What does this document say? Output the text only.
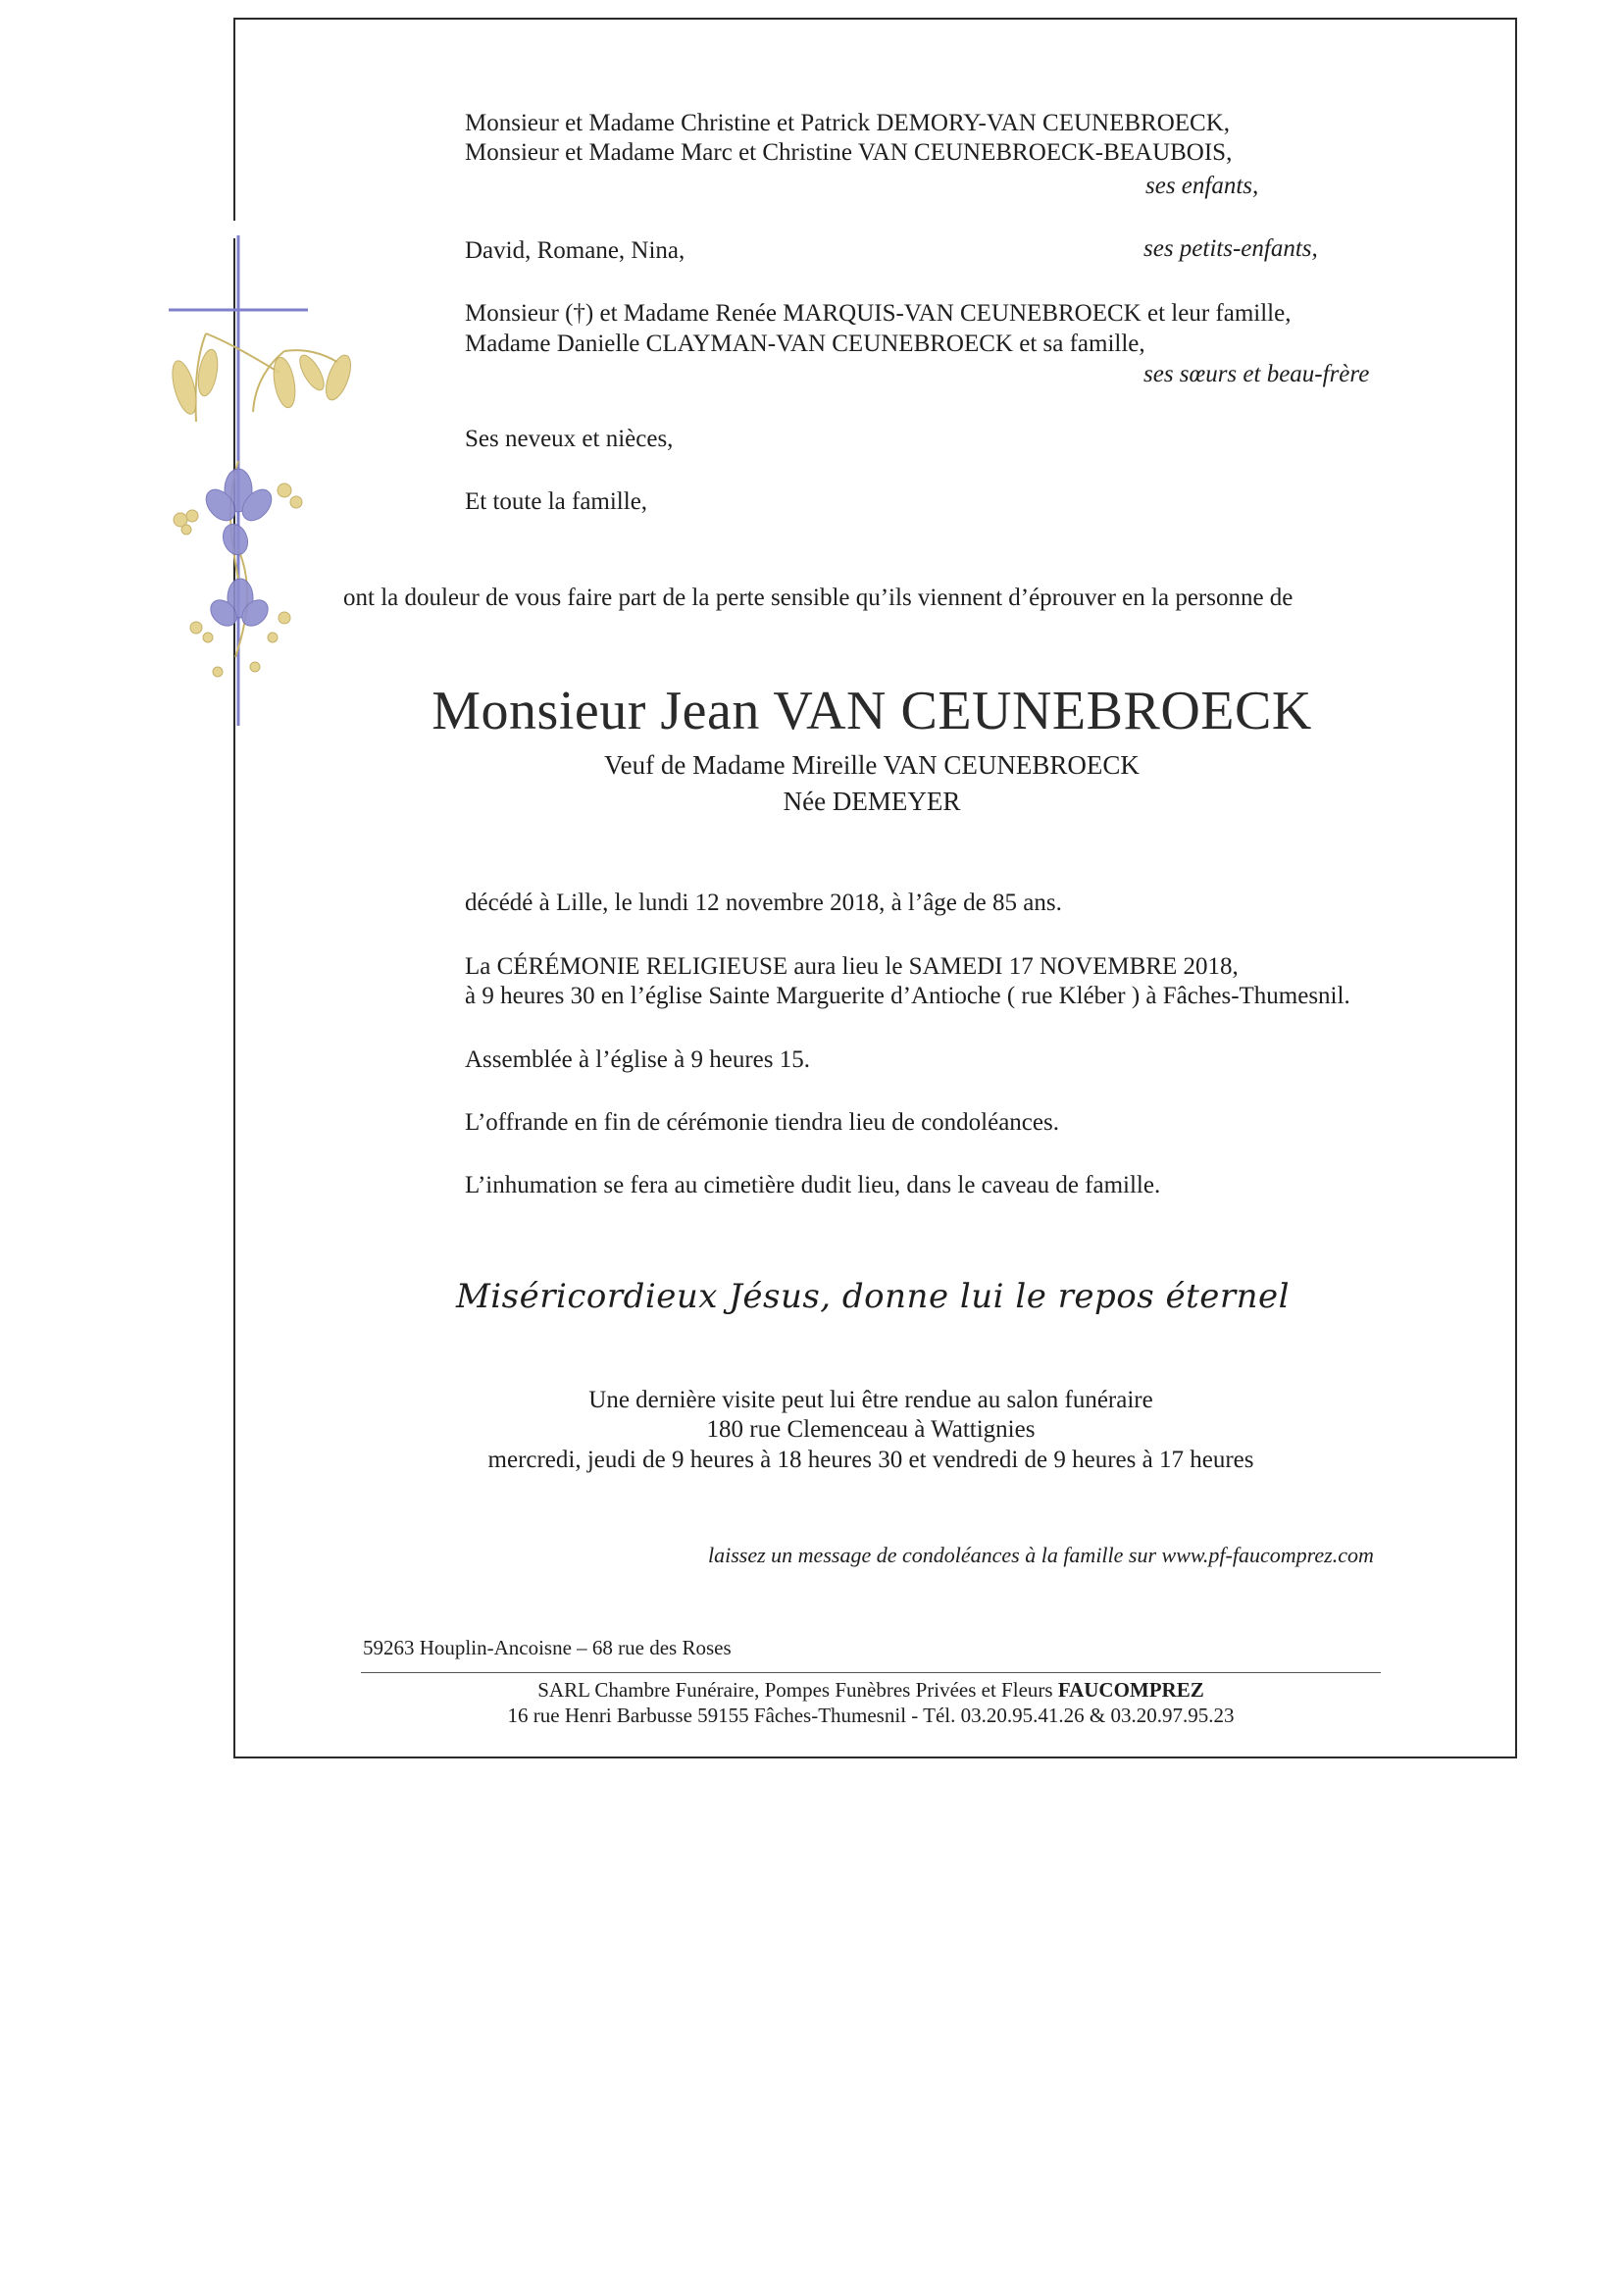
Monsieur et Madame Christine et Patrick DEMORY-VAN CEUNEBROECK,
Monsieur et Madame Marc et Christine VAN CEUNEBROECK-BEAUBOIS,
ses enfants,
David, Romane, Nina,	ses petits-enfants,
Monsieur (†) et Madame Renée MARQUIS-VAN CEUNEBROECK et leur famille,
Madame Danielle CLAYMAN-VAN CEUNEBROECK et sa famille,
ses sœurs et beau-frère
Ses neveux et nièces,
Et toute la famille,
ont la douleur de vous faire part de la perte sensible qu’ils viennent d’éprouver en la personne de
Monsieur Jean VAN CEUNEBROECK
Veuf de Madame Mireille VAN CEUNEBROECK
Née DEMEYER
décédé à Lille, le lundi 12 novembre 2018, à l’âge de 85 ans.
La CÉRÉMONIE RELIGIEUSE aura lieu le SAMEDI 17 NOVEMBRE 2018,
à 9 heures 30 en l’église Sainte Marguerite d’Antioche ( rue Kléber ) à Fâches-Thumesnil.
Assemblée à l’église à 9 heures 15.
L’offrande en fin de cérémonie tiendra lieu de condoléances.
L’inhumation se fera au cimetière dudit lieu, dans le caveau de famille.
Miséricordieux Jésus, donne lui le repos éternel
Une dernière visite peut lui être rendue au salon funéraire
180 rue Clemenceau à Wattignies
mercredi, jeudi de 9 heures à 18 heures 30 et vendredi de 9 heures à 17 heures
laissez un message de condoléances à la famille sur www.pf-faucomprez.com
59263 Houplin-Ancoisne – 68 rue des Roses
SARL Chambre Funéraire, Pompes Funèbres Privées et Fleurs FAUCOMPREZ
16 rue Henri Barbusse 59155 Fâches-Thumesnil - Tél. 03.20.95.41.26 & 03.20.97.95.23
